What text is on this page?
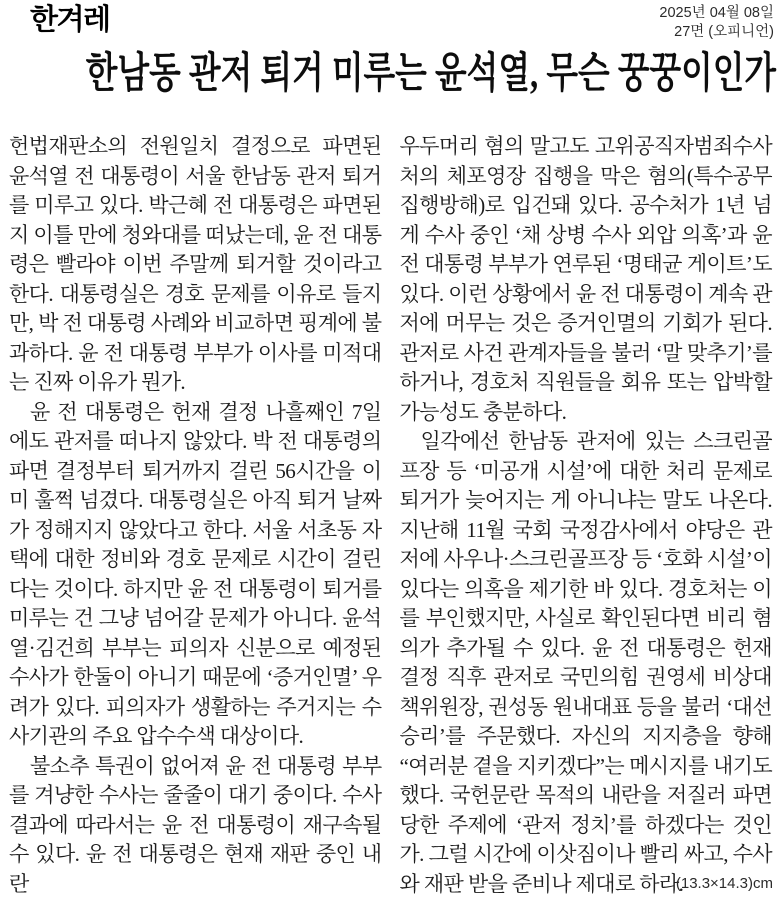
한겨레	2025년 04월 08일
27면 (오피니언)
한남동 관저 퇴거 미루는 윤석열, 무슨 꿍꿍이인가

헌법재판소의 전원일치 결정으로 파면된 윤석열 전 대통령이 서울 한남동 관저 퇴거를 미루고 있다. 박근혜 전 대통령은 파면된 지 이틀 만에 청와대를 떠났는데, 윤 전 대통령은 빨라야 이번 주말께 퇴거할 것이라고 한다. 대통령실은 경호 문제를 이유로 들지만, 박 전 대통령 사례와 비교하면 핑계에 불과하다. 윤 전 대통령 부부가 이사를 미적대는 진짜 이유가 뭔가.

윤 전 대통령은 헌재 결정 나흘째인 7일에도 관저를 떠나지 않았다. 박 전 대통령의 파면 결정부터 퇴거까지 걸린 56시간을 이미 훌쩍 넘겼다. 대통령실은 아직 퇴거 날짜가 정해지지 않았다고 한다. 서울 서초동 자택에 대한 정비와 경호 문제로 시간이 걸린다는 것이다. 하지만 윤 전 대통령이 퇴거를 미루는 건 그냥 넘어갈 문제가 아니다. 윤석열·김건희 부부는 피의자 신분으로 예정된 수사가 한둘이 아니기 때문에 ‘증거인멸’ 우려가 있다. 피의자가 생활하는 주거지는 수사기관의 주요 압수수색 대상이다.

불소추 특권이 없어져 윤 전 대통령 부부를 겨냥한 수사는 줄줄이 대기 중이다. 수사 결과에 따라서는 윤 전 대통령이 재구속될 수 있다. 윤 전 대통령은 현재 재판 중인 내란

우두머리 혐의 말고도 고위공직자범죄수사처의 체포영장 집행을 막은 혐의(특수공무집행방해)로 입건돼 있다. 공수처가 1년 넘게 수사 중인 ‘채 상병 수사 외압 의혹’과 윤 전 대통령 부부가 연루된 ‘명태균 게이트’도 있다. 이런 상황에서 윤 전 대통령이 계속 관저에 머무는 것은 증거인멸의 기회가 된다. 관저로 사건 관계자들을 불러 ‘말 맞추기’를 하거나, 경호처 직원들을 회유 또는 압박할 가능성도 충분하다.

일각에선 한남동 관저에 있는 스크린골프장 등 ‘미공개 시설’에 대한 처리 문제로 퇴거가 늦어지는 게 아니냐는 말도 나온다. 지난해 11월 국회 국정감사에서 야당은 관저에 사우나·스크린골프장 등 ‘호화 시설’이 있다는 의혹을 제기한 바 있다. 경호처는 이를 부인했지만, 사실로 확인된다면 비리 혐의가 추가될 수 있다. 윤 전 대통령은 헌재 결정 직후 관저로 국민의힘 권영세 비상대책위원장, 권성동 원내대표 등을 불러 ‘대선 승리’를 주문했다. 자신의 지지층을 향해 “여러분 곁을 지키겠다”는 메시지를 내기도 했다. 국헌문란 목적의 내란을 저질러 파면당한 주제에 ‘관저 정치’를 하겠다는 것인가. 그럴 시간에 이삿짐이나 빨리 싸고, 수사와 재판 받을 준비나 제대로 하라.

(13.3×14.3)cm
